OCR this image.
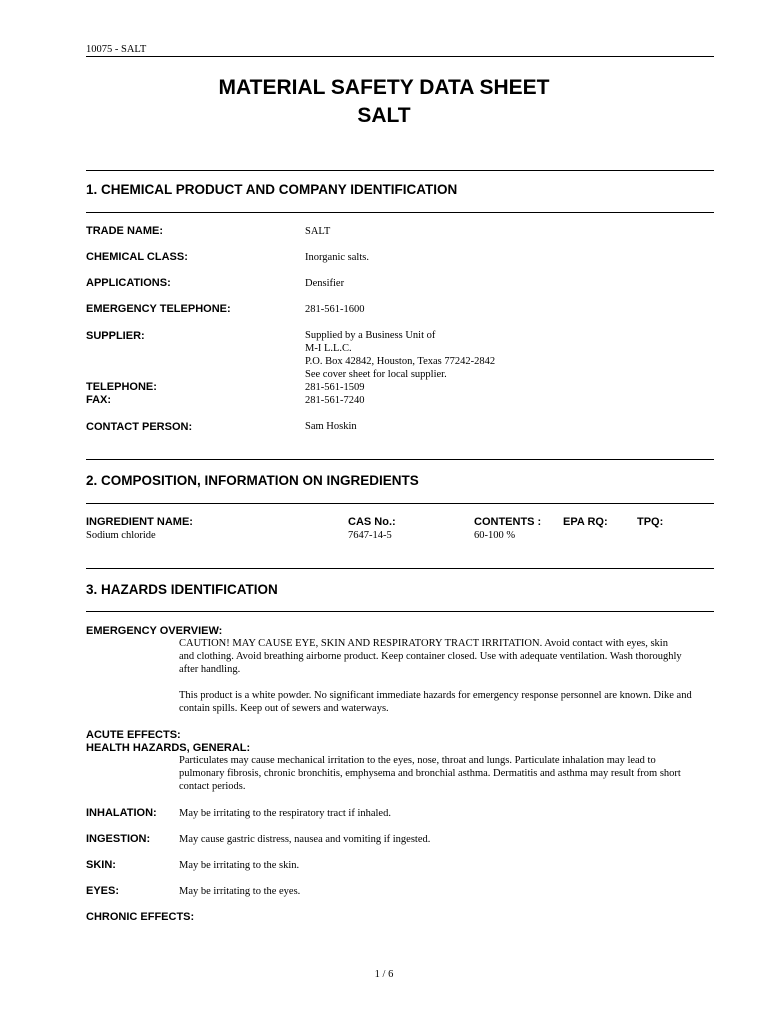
10075 - SALT
MATERIAL SAFETY DATA SHEET
SALT
1. CHEMICAL PRODUCT AND COMPANY IDENTIFICATION
TRADE NAME:	SALT
CHEMICAL CLASS:	Inorganic salts.
APPLICATIONS:	Densifier
EMERGENCY TELEPHONE:	281-561-1600
SUPPLIER:	Supplied by a Business Unit of
M-I L.L.C.
P.O. Box 42842, Houston, Texas 77242-2842
See cover sheet for local supplier.
TELEPHONE:	281-561-1509
FAX:	281-561-7240
CONTACT PERSON:	Sam Hoskin
2. COMPOSITION, INFORMATION ON INGREDIENTS
INGREDIENT NAME:	CAS No.:	CONTENTS : EPA RQ:	TPQ:
Sodium chloride	7647-14-5	60-100 %
3. HAZARDS IDENTIFICATION
EMERGENCY OVERVIEW:
CAUTION! MAY CAUSE EYE, SKIN AND RESPIRATORY TRACT IRRITATION. Avoid contact with eyes, skin
and clothing. Avoid breathing airborne product. Keep container closed. Use with adequate ventilation. Wash thoroughly
after handling.
This product is a white powder. No significant immediate hazards for emergency response personnel are known. Dike and
contain spills. Keep out of sewers and waterways.
ACUTE EFFECTS:
HEALTH HAZARDS, GENERAL:
Particulates may cause mechanical irritation to the eyes, nose, throat and lungs. Particulate inhalation may lead to
pulmonary fibrosis, chronic bronchitis, emphysema and bronchial asthma. Dermatitis and asthma may result from short
contact periods.
INHALATION: May be irritating to the respiratory tract if inhaled.
INGESTION:	May cause gastric distress, nausea and vomiting if ingested.
SKIN:	May be irritating to the skin.
EYES:	May be irritating to the eyes.
CHRONIC EFFECTS:
1 / 6
